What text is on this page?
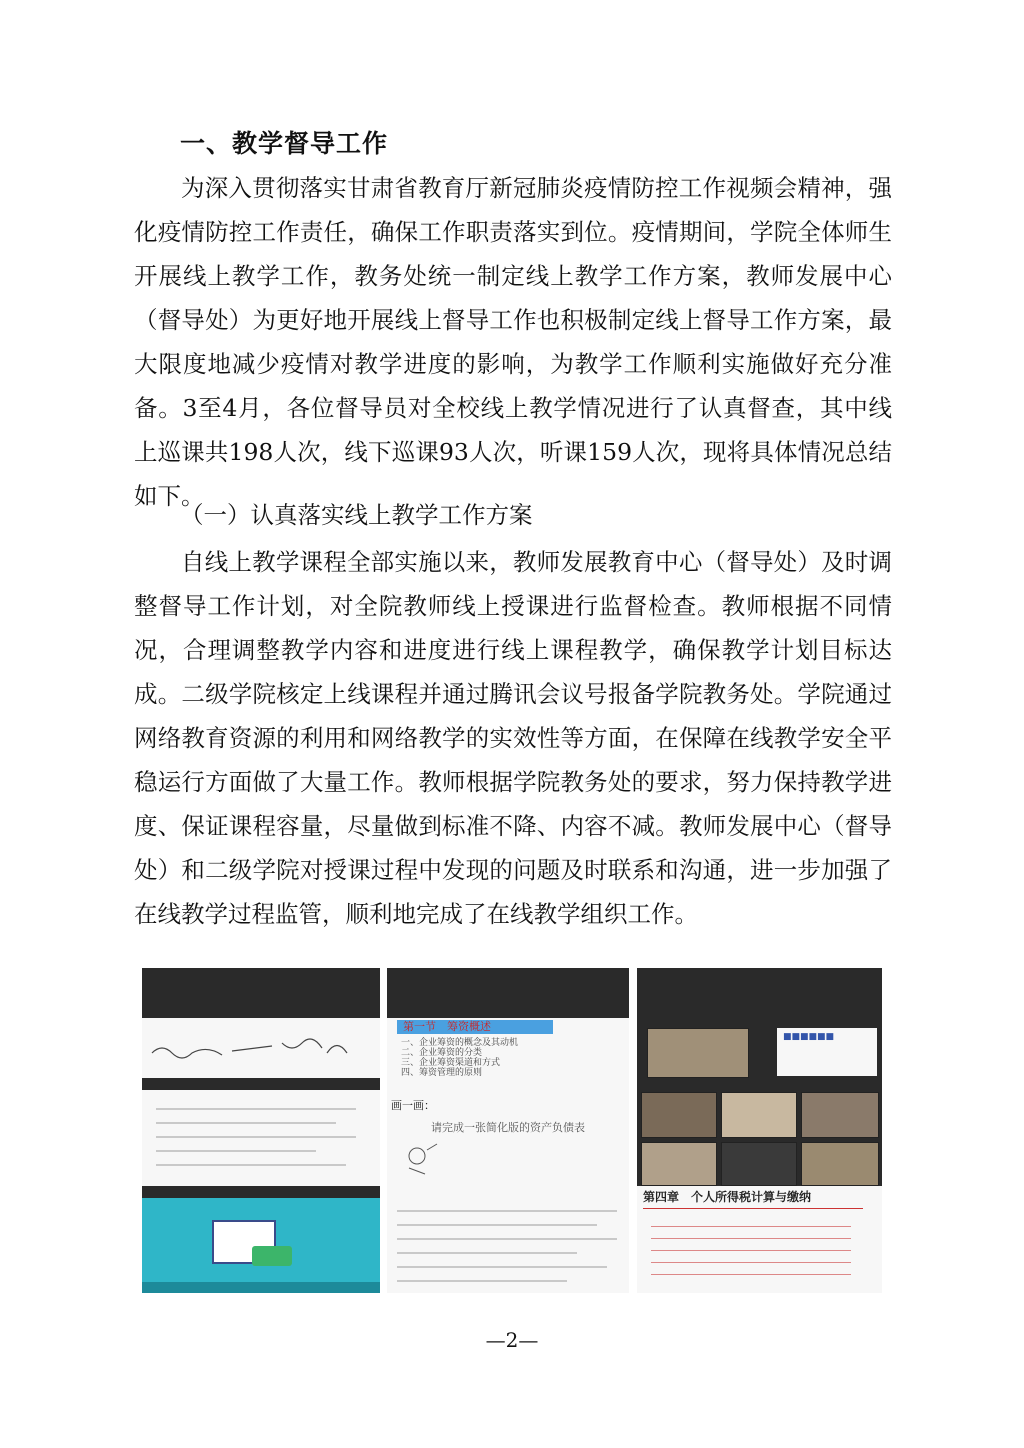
一、教学督导工作

为深入贯彻落实甘肃省教育厅新冠肺炎疫情防控工作视频会精神，强化疫情防控工作责任，确保工作职责落实到位。疫情期间，学院全体师生开展线上教学工作，教务处统一制定线上教学工作方案，教师发展中心（督导处）为更好地开展线上督导工作也积极制定线上督导工作方案，最大限度地减少疫情对教学进度的影响，为教学工作顺利实施做好充分准备。3至4月，各位督导员对全校线上教学情况进行了认真督查，其中线上巡课共198人次，线下巡课93人次，听课159人次，现将具体情况总结如下。

（一）认真落实线上教学工作方案

自线上教学课程全部实施以来，教师发展教育中心（督导处）及时调整督导工作计划，对全院教师线上授课进行监督检查。教师根据不同情况，合理调整教学内容和进度进行线上课程教学，确保教学计划目标达成。二级学院核定上线课程并通过腾讯会议号报备学院教务处。学院通过网络教育资源的利用和网络教学的实效性等方面，在保障在线教学安全平稳运行方面做了大量工作。教师根据学院教务处的要求，努力保持教学进度、保证课程容量，尽量做到标准不降、内容不减。教师发展中心（督导处）和二级学院对授课过程中发现的问题及时联系和沟通，进一步加强了在线教学过程监管，顺利地完成了在线教学组织工作。

第一节　筹资概述
一、企业筹资的概念及其动机
二、企业筹资的分类
三、企业筹资渠道和方式
四、筹资管理的原则
■■■■■■
画一画：
请完成一张简化版的资产负债表
第四章　个人所得税计算与缴纳
—2—
